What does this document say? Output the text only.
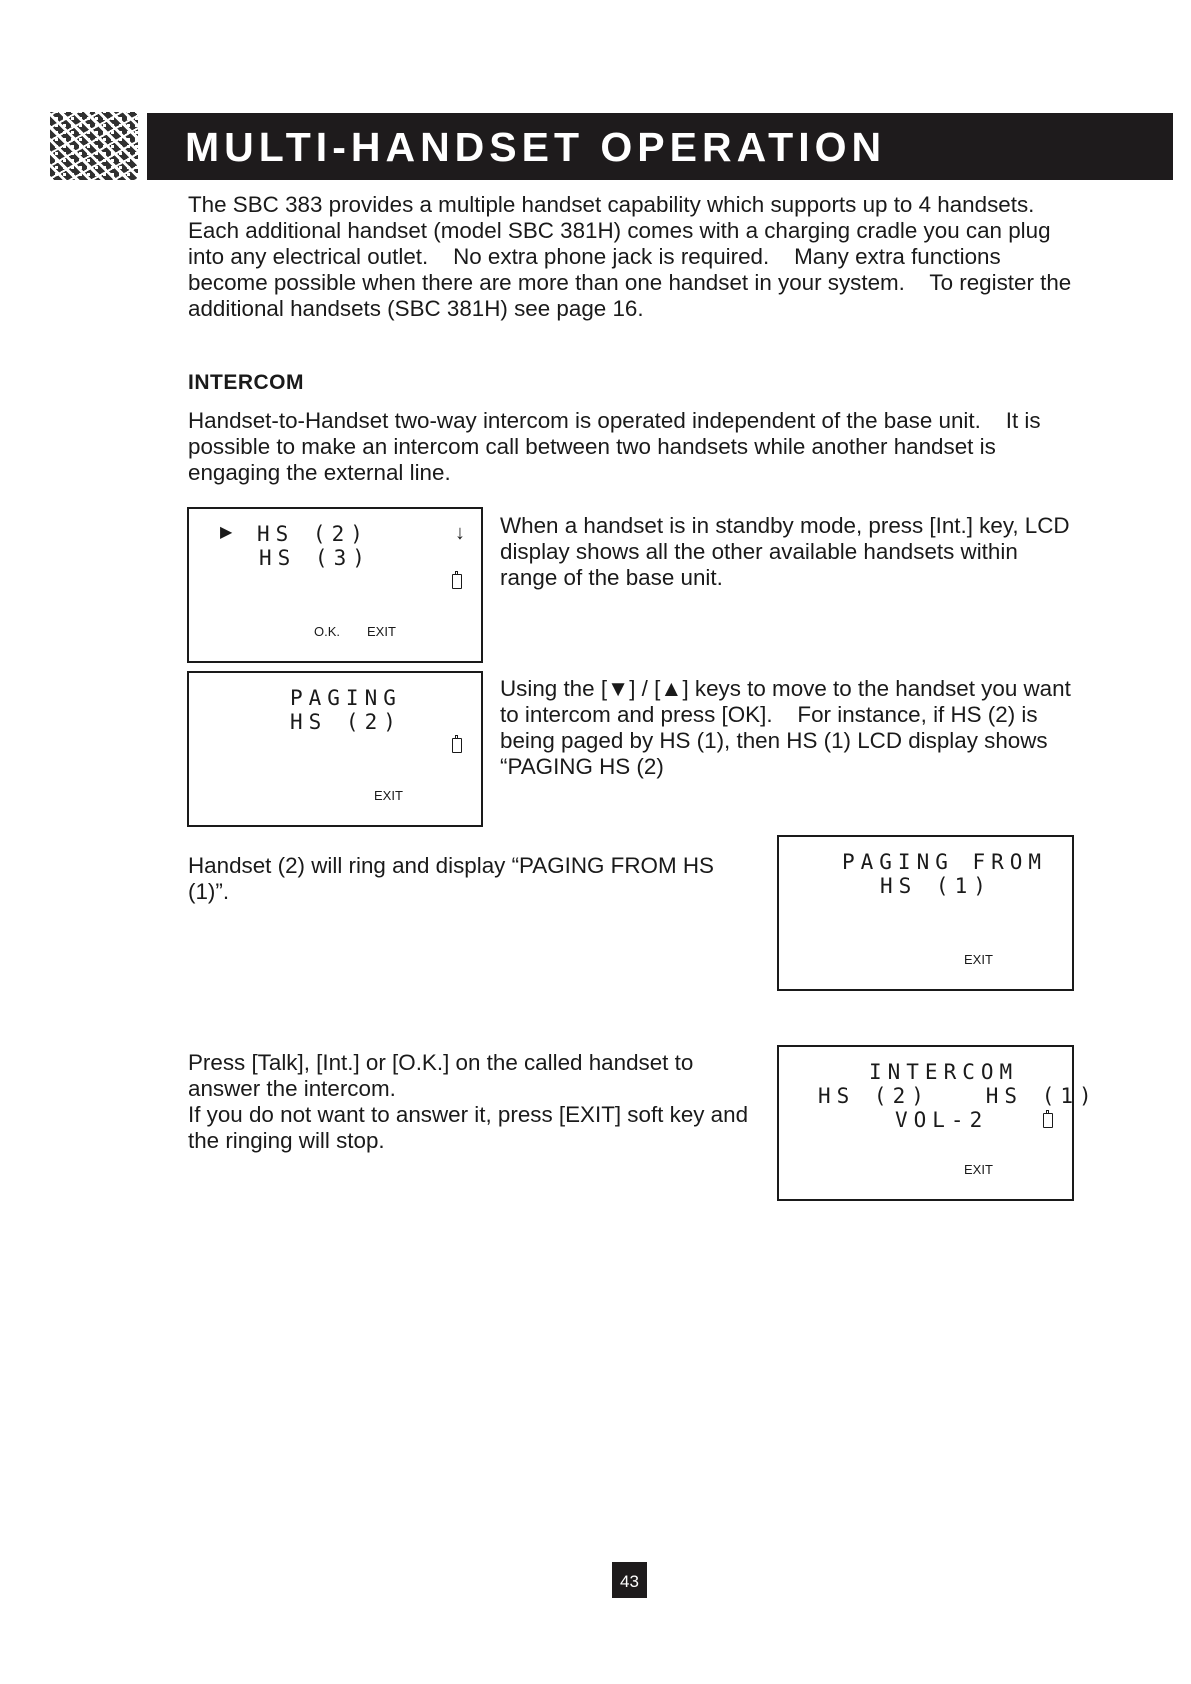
MULTI-HANDSET OPERATION
The SBC 383 provides a multiple handset capability which supports up to 4 handsets.
Each additional handset (model SBC 381H) comes with a charging cradle you can plug
into any electrical outlet.    No extra phone jack is required.    Many extra functions
become possible when there are more than one handset in your system.    To register the
additional handsets (SBC 381H) see page 16.
INTERCOM
Handset-to-Handset two-way intercom is operated independent of the base unit.    It is
possible to make an intercom call between two handsets while another handset is
engaging the external line.
▶ HS (2)	↓
HS (3)
O.K. EXIT
When a handset is in standby mode, press [Int.] key, LCD
display shows all the other available handsets within
range of the base unit.
PAGING
HS (2)
EXIT
Using the [▼] / [▲] keys to move to the handset you want
to intercom and press [OK].    For instance, if HS (2) is
being paged by HS (1), then HS (1) LCD display shows
“PAGING HS (2)
Handset (2) will ring and display “PAGING FROM HS
(1)”.
PAGING FROM
HS (1)
EXIT
Press [Talk], [Int.] or [O.K.] on the called handset to
answer the intercom.
If you do not want to answer it, press [EXIT] soft key and
the ringing will stop.
INTERCOM
HS (2)   HS (1)
VOL-2
EXIT
43
